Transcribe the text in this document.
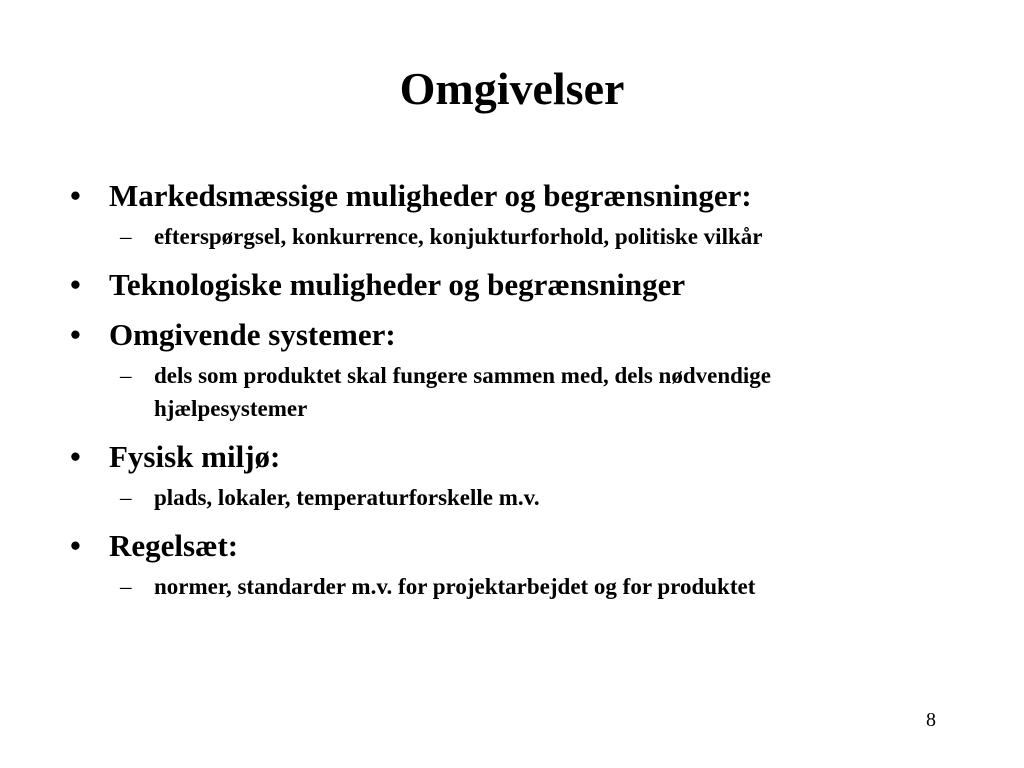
Omgivelser
• Markedsmæssige muligheder og begrænsninger:
– efterspørgsel, konkurrence, konjukturforhold, politiske vilkår
• Teknologiske muligheder og begrænsninger
• Omgivende systemer:
– dels som produktet skal fungere sammen med, dels nødvendige hjælpesystemer
• Fysisk miljø:
– plads, lokaler, temperaturforskelle m.v.
• Regelsæt:
– normer, standarder m.v. for projektarbejdet og for produktet
8
